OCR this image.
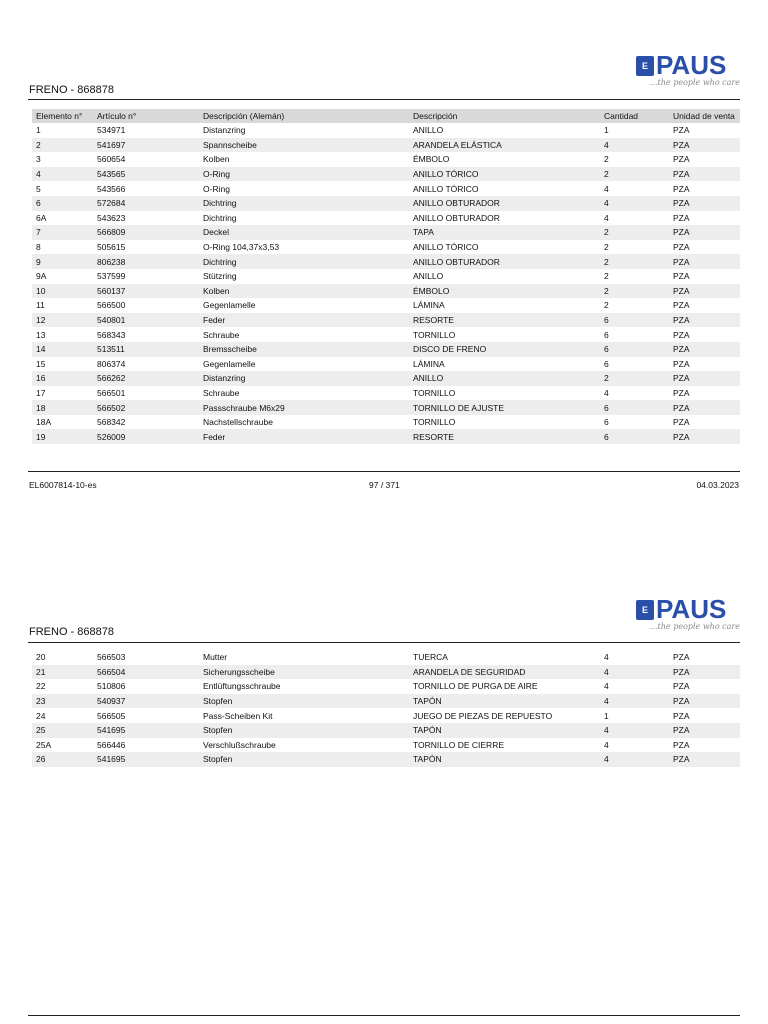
E PAUS
...the people who care
FRENO - 868878
Elemento n°	Artículo n°	Descripción (Alemán)	Descripción	Cantidad	Unidad de venta
1	534971	Distanzring	ANILLO	1	PZA
2	541697	Spannscheibe	ARANDELA ELÁSTICA	4	PZA
3	560654	Kolben	ÉMBOLO	2	PZA
4	543565	O-Ring	ANILLO TÓRICO	2	PZA
5	543566	O-Ring	ANILLO TÓRICO	4	PZA
6	572684	Dichtring	ANILLO OBTURADOR	4	PZA
6A	543623	Dichtring	ANILLO OBTURADOR	4	PZA
7	566809	Deckel	TAPA	2	PZA
8	505615	O-Ring 104,37x3,53	ANILLO TÓRICO	2	PZA
9	806238	Dichtring	ANILLO OBTURADOR	2	PZA
9A	537599	Stützring	ANILLO	2	PZA
10	560137	Kolben	ÉMBOLO	2	PZA
11	566500	Gegenlamelle	LÁMINA	2	PZA
12	540801	Feder	RESORTE	6	PZA
13	568343	Schraube	TORNILLO	6	PZA
14	513511	Bremsscheibe	DISCO DE FRENO	6	PZA
15	806374	Gegenlamelle	LÁMINA	6	PZA
16	566262	Distanzring	ANILLO	2	PZA
17	566501	Schraube	TORNILLO	4	PZA
18	566502	Passschraube M6x29	TORNILLO DE AJUSTE	6	PZA
18A	568342	Nachstellschraube	TORNILLO	6	PZA
19	526009	Feder	RESORTE	6	PZA
EL6007814-10-es	97 / 371	04.03.2023
E PAUS
...the people who care
FRENO - 868878
20	566503	Mutter	TUERCA	4	PZA
21	566504	Sicherungsscheibe	ARANDELA DE SEGURIDAD	4	PZA
22	510806	Entlüftungsschraube	TORNILLO DE PURGA DE AIRE	4	PZA
23	540937	Stopfen	TAPÓN	4	PZA
24	566505	Pass-Scheiben Kit	JUEGO DE PIEZAS DE REPUESTO	1	PZA
25	541695	Stopfen	TAPÓN	4	PZA
25A	566446	Verschlußschraube	TORNILLO DE CIERRE	4	PZA
26	541695	Stopfen	TAPÓN	4	PZA
